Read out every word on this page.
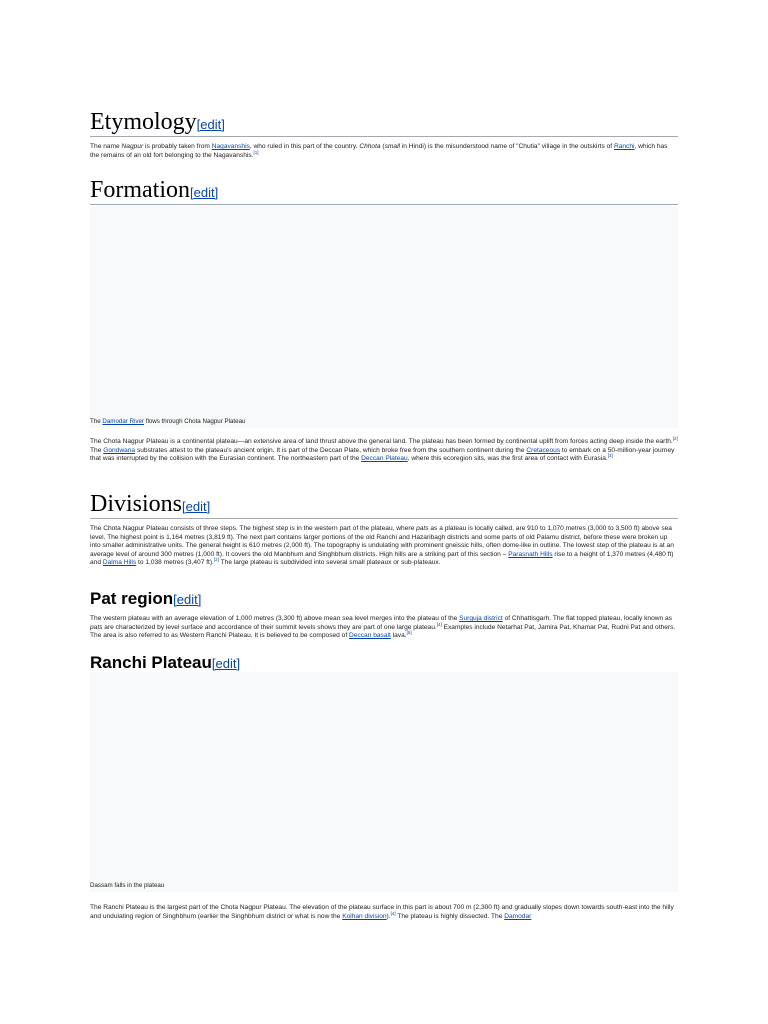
Etymology[edit]
The name Nagpur is probably taken from Nagavanshis, who ruled in this part of the country. Chhota (small in Hindi) is the misunderstood name of "Chutia" village in the outskirts of Ranchi, which has the remains of an old fort belonging to the Nagavanshis.[1]
Formation[edit]
The Damodar River flows through Chota Nagpur Plateau
The Chota Nagpur Plateau is a continental plateau—an extensive area of land thrust above the general land. The plateau has been formed by continental uplift from forces acting deep inside the earth.[2] The Gondwana substrates attest to the plateau's ancient origin. It is part of the Deccan Plate, which broke free from the southern continent during the Cretaceous to embark on a 50-million-year journey that was interrupted by the collision with the Eurasian continent. The northeastern part of the Deccan Plateau, where this ecoregion sits, was the first area of contact with Eurasia.[3]
Divisions[edit]
The Chota Nagpur Plateau consists of three steps. The highest step is in the western part of the plateau, where pats as a plateau is locally called, are 910 to 1,070 metres (3,000 to 3,500 ft) above sea level. The highest point is 1,164 metres (3,819 ft). The next part contains larger portions of the old Ranchi and Hazaribagh districts and some parts of old Palamu district, before these were broken up into smaller administrative units. The general height is 610 metres (2,000 ft). The topography is undulating with prominent gneissic hills, often dome-like in outline. The lowest step of the plateau is at an average level of around 300 metres (1,000 ft). It covers the old Manbhum and Singhbhum districts. High hills are a striking part of this section – Parasnath Hills rise to a height of 1,370 metres (4,480 ft) and Dalma Hills to 1,038 metres (3,407 ft).[2] The large plateau is subdivided into several small plateaux or sub-plateaux.
Pat region[edit]
The western plateau with an average elevation of 1,000 metres (3,300 ft) above mean sea level merges into the plateau of the Surguja district of Chhattisgarh. The flat topped plateau, locally known as pats are characterized by level surface and accordance of their summit levels shows they are part of one large plateau.[4] Examples include Netarhat Pat, Jamira Pat, Khamar Pat, Rudni Pat and others. The area is also referred to as Western Ranchi Plateau. It is believed to be composed of Deccan basalt lava.[5]
Ranchi Plateau[edit]
Dassam falls in the plateau
The Ranchi Plateau is the largest part of the Chota Nagpur Plateau. The elevation of the plateau surface in this part is about 700 m (2,300 ft) and gradually slopes down towards south-east into the hilly and undulating region of Singhbhum (earlier the Singhbhum district or what is now the Kolhan division).[4] The plateau is highly dissected. The Damodar
